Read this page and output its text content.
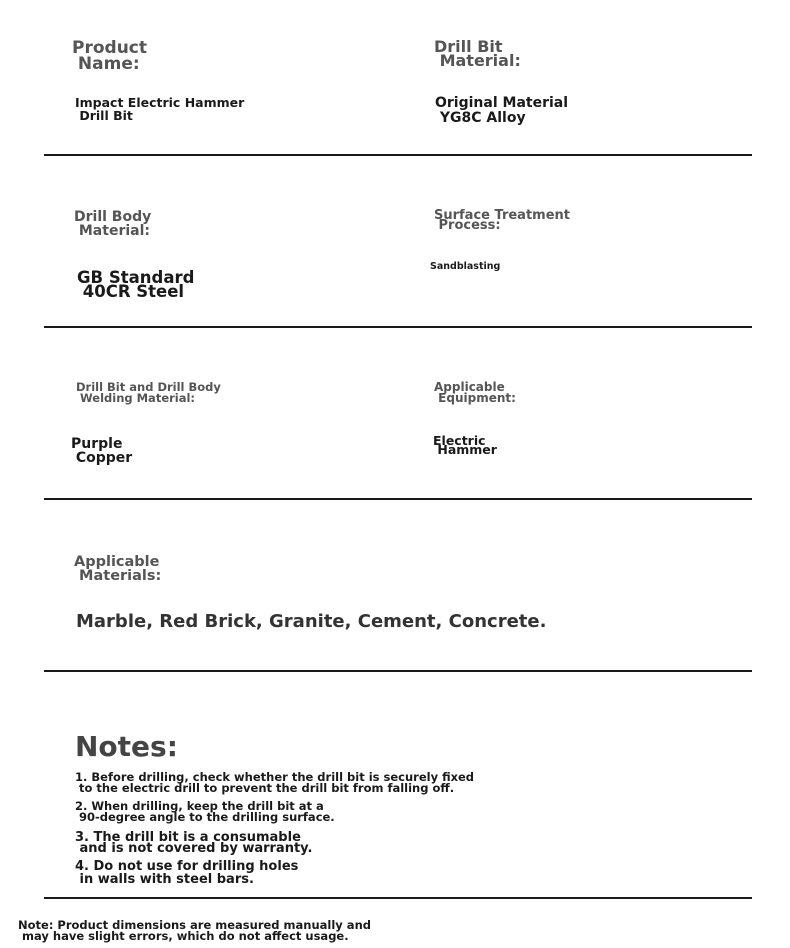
Product
Name:
Impact Electric Hammer
Drill Bit
Drill Bit
Material:
Original Material
YG8C Alloy
Drill Body
Material:
GB Standard
40CR Steel
Surface Treatment
Process:
Sandblasting
Drill Bit and Drill Body
Welding Material:
Purple
Copper
Applicable
Equipment:
Electric
Hammer
Applicable
Materials:
Marble, Red Brick, Granite, Cement, Concrete.
Notes:
1. Before drilling, check whether the drill bit is securely fixed
to the electric drill to prevent the drill bit from falling off.
2. When drilling, keep the drill bit at a
90-degree angle to the drilling surface.
3. The drill bit is a consumable
and is not covered by warranty.
4. Do not use for drilling holes
in walls with steel bars.
Note: Product dimensions are measured manually and
may have slight errors, which do not affect usage.
